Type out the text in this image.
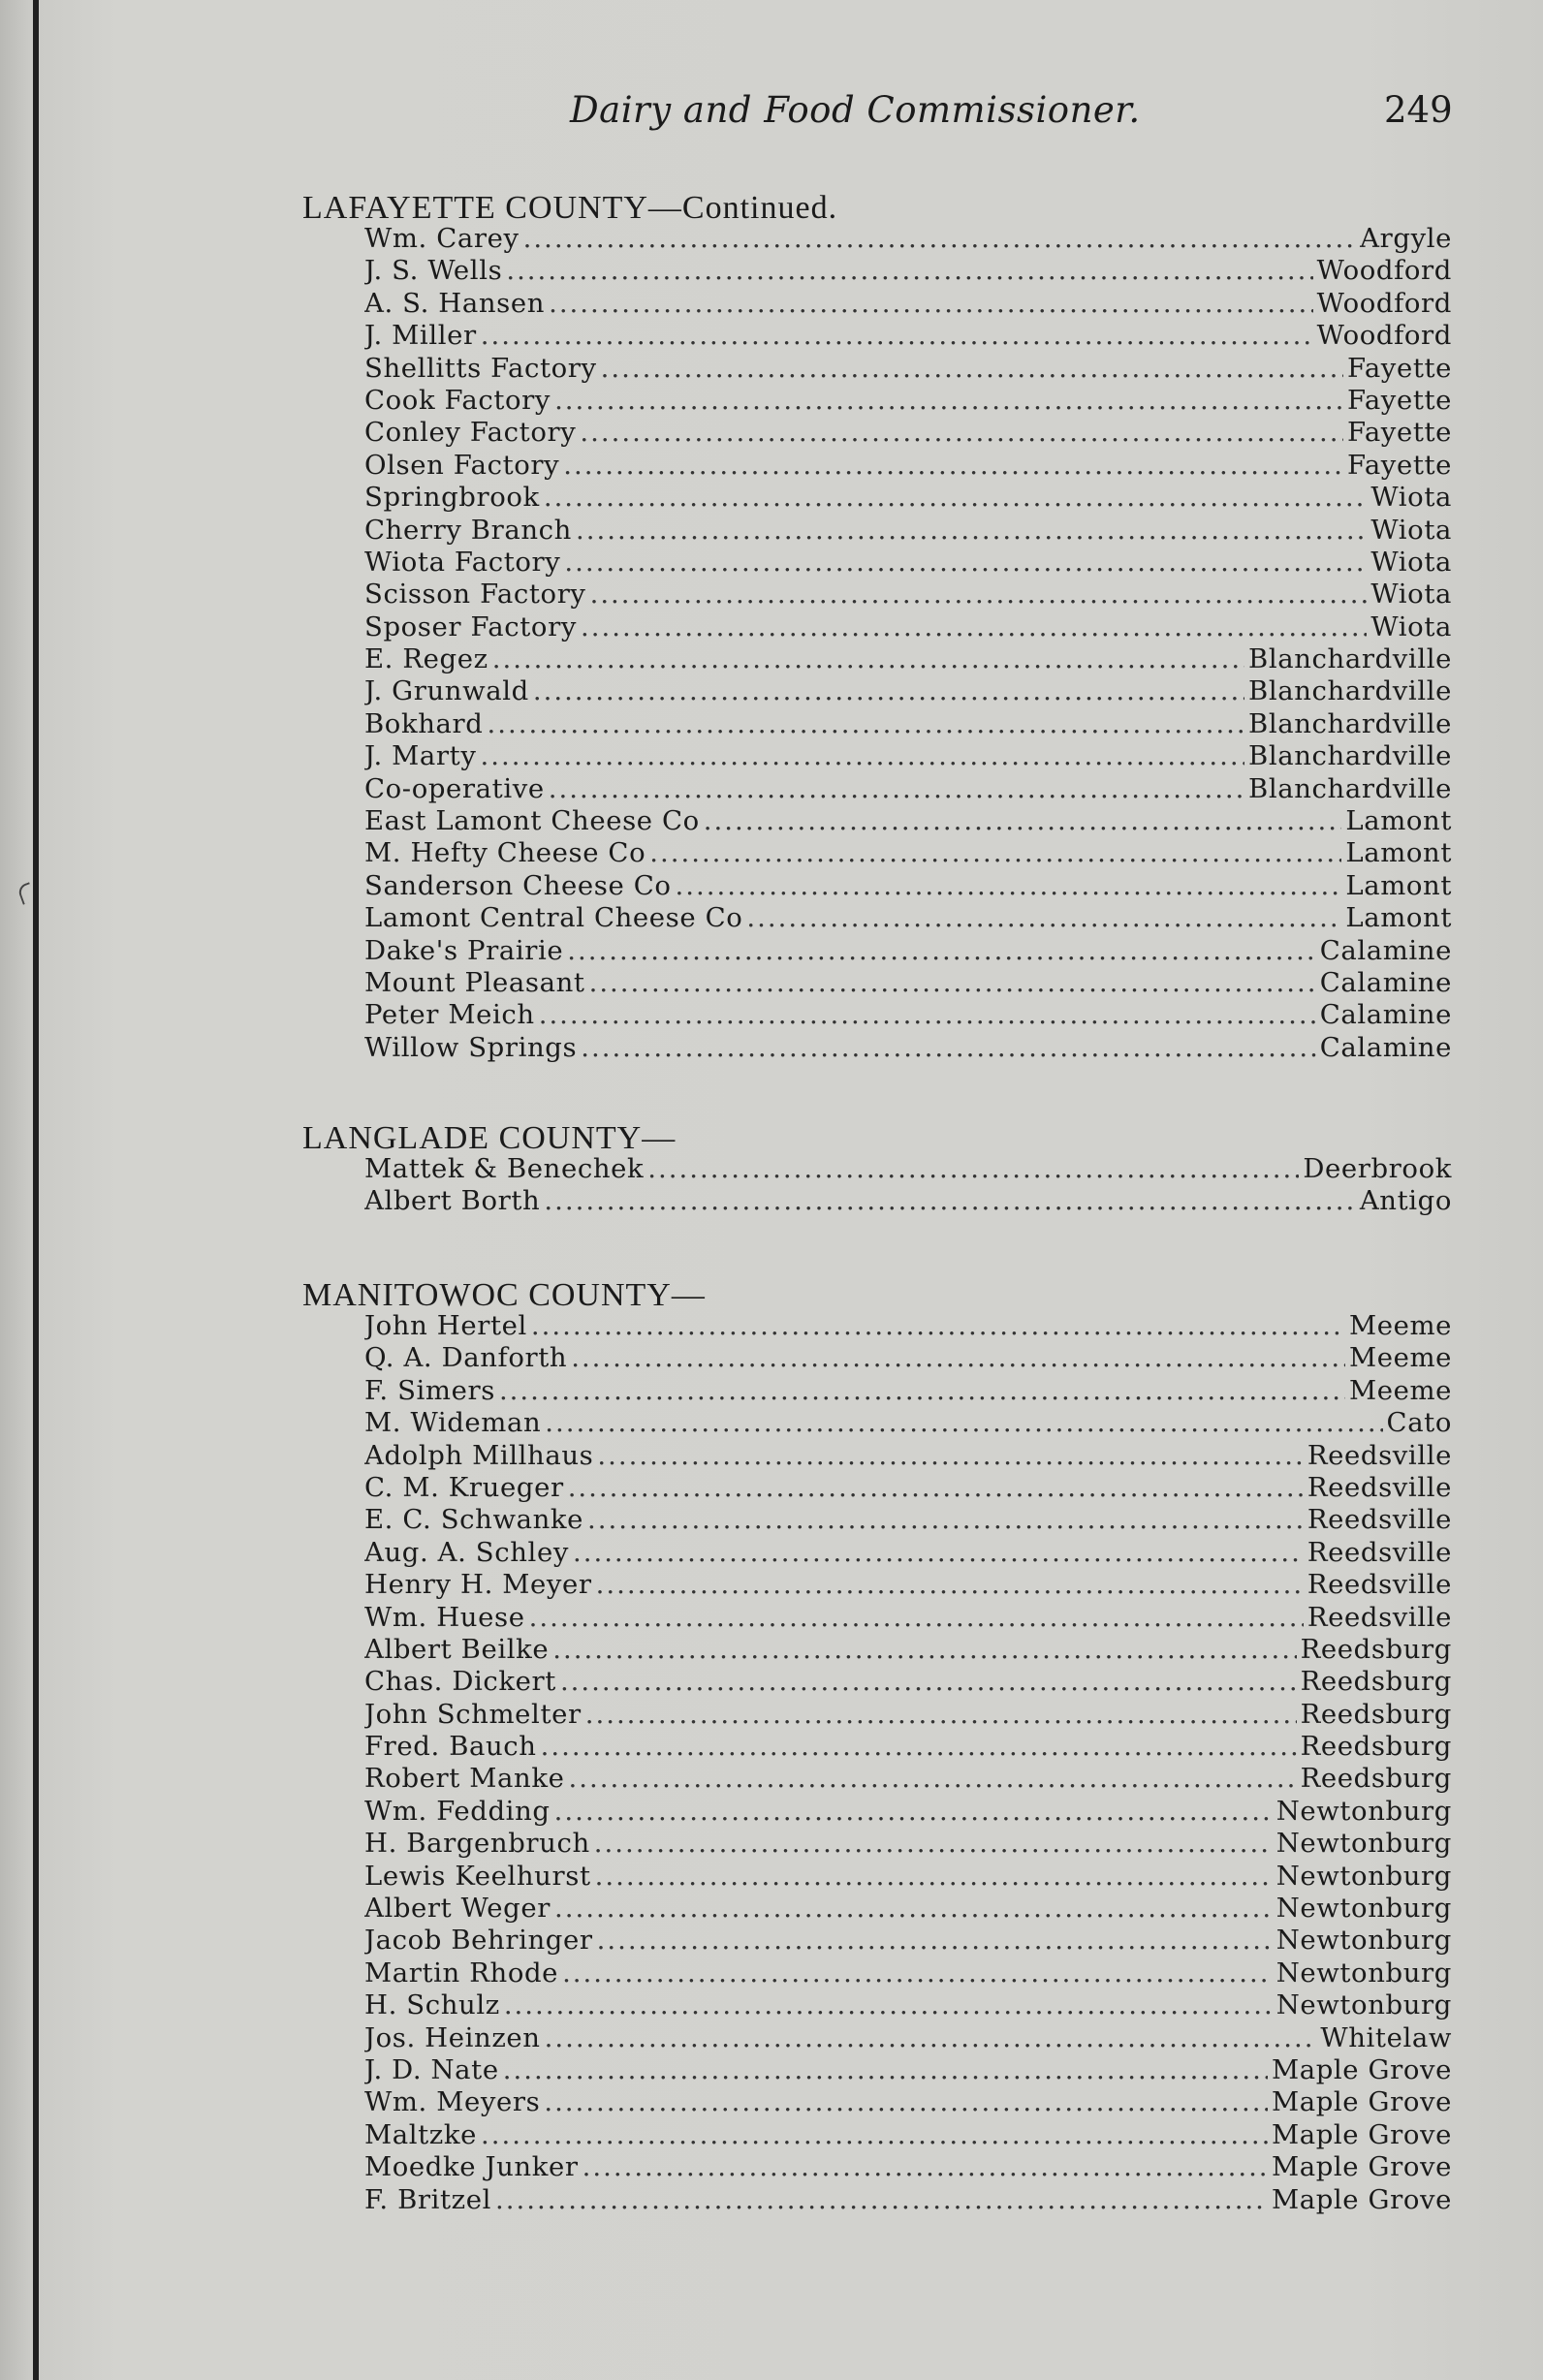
Dairy and Food Commissioner.	249
LAFAYETTE COUNTY—Continued.
Wm. Carey .....	Argyle
J. S. Wells .....	Woodford
A. S. Hansen .....	Woodford
J. Miller .....	Woodford
Shellitts Factory .....	Fayette
Cook Factory .....	Fayette
Conley Factory .....	Fayette
Olsen Factory .....	Fayette
Springbrook .....	Wiota
Cherry Branch .....	Wiota
Wiota Factory .....	Wiota
Scisson Factory .....	Wiota
Sposer Factory .....	Wiota
E. Regez .....	Blanchardville
J. Grunwald .....	Blanchardville
Bokhard .....	Blanchardville
J. Marty .....	Blanchardville
Co-operative .....	Blanchardville
East Lamont Cheese Co .....	Lamont
M. Hefty Cheese Co .....	Lamont
Sanderson Cheese Co .....	Lamont
Lamont Central Cheese Co .....	Lamont
Dake's Prairie .....	Calamine
Mount Pleasant .....	Calamine
Peter Meich .....	Calamine
Willow Springs .....	Calamine
LANGLADE COUNTY—
Mattek & Benechek .....	Deerbrook
Albert Borth .....	Antigo
MANITOWOC COUNTY—
John Hertel .....	Meeme
Q. A. Danforth .....	Meeme
F. Simers .....	Meeme
M. Wideman .....	Cato
Adolph Millhaus .....	Reedsville
C. M. Krueger .....	Reedsville
E. C. Schwanke .....	Reedsville
Aug. A. Schley .....	Reedsville
Henry H. Meyer .....	Reedsville
Wm. Huese .....	Reedsville
Albert Beilke .....	Reedsburg
Chas. Dickert .....	Reedsburg
John Schmelter .....	Reedsburg
Fred. Bauch .....	Reedsburg
Robert Manke .....	Reedsburg
Wm. Fedding .....	Newtonburg
H. Bargenbruch .....	Newtonburg
Lewis Keelhurst .....	Newtonburg
Albert Weger .....	Newtonburg
Jacob Behringer .....	Newtonburg
Martin Rhode .....	Newtonburg
H. Schulz .....	Newtonburg
Jos. Heinzen .....	Whitelaw
J. D. Nate .....	Maple Grove
Wm. Meyers .....	Maple Grove
Maltzke .....	Maple Grove
Moedke Junker .....	Maple Grove
F. Britzel .....	Maple Grove
